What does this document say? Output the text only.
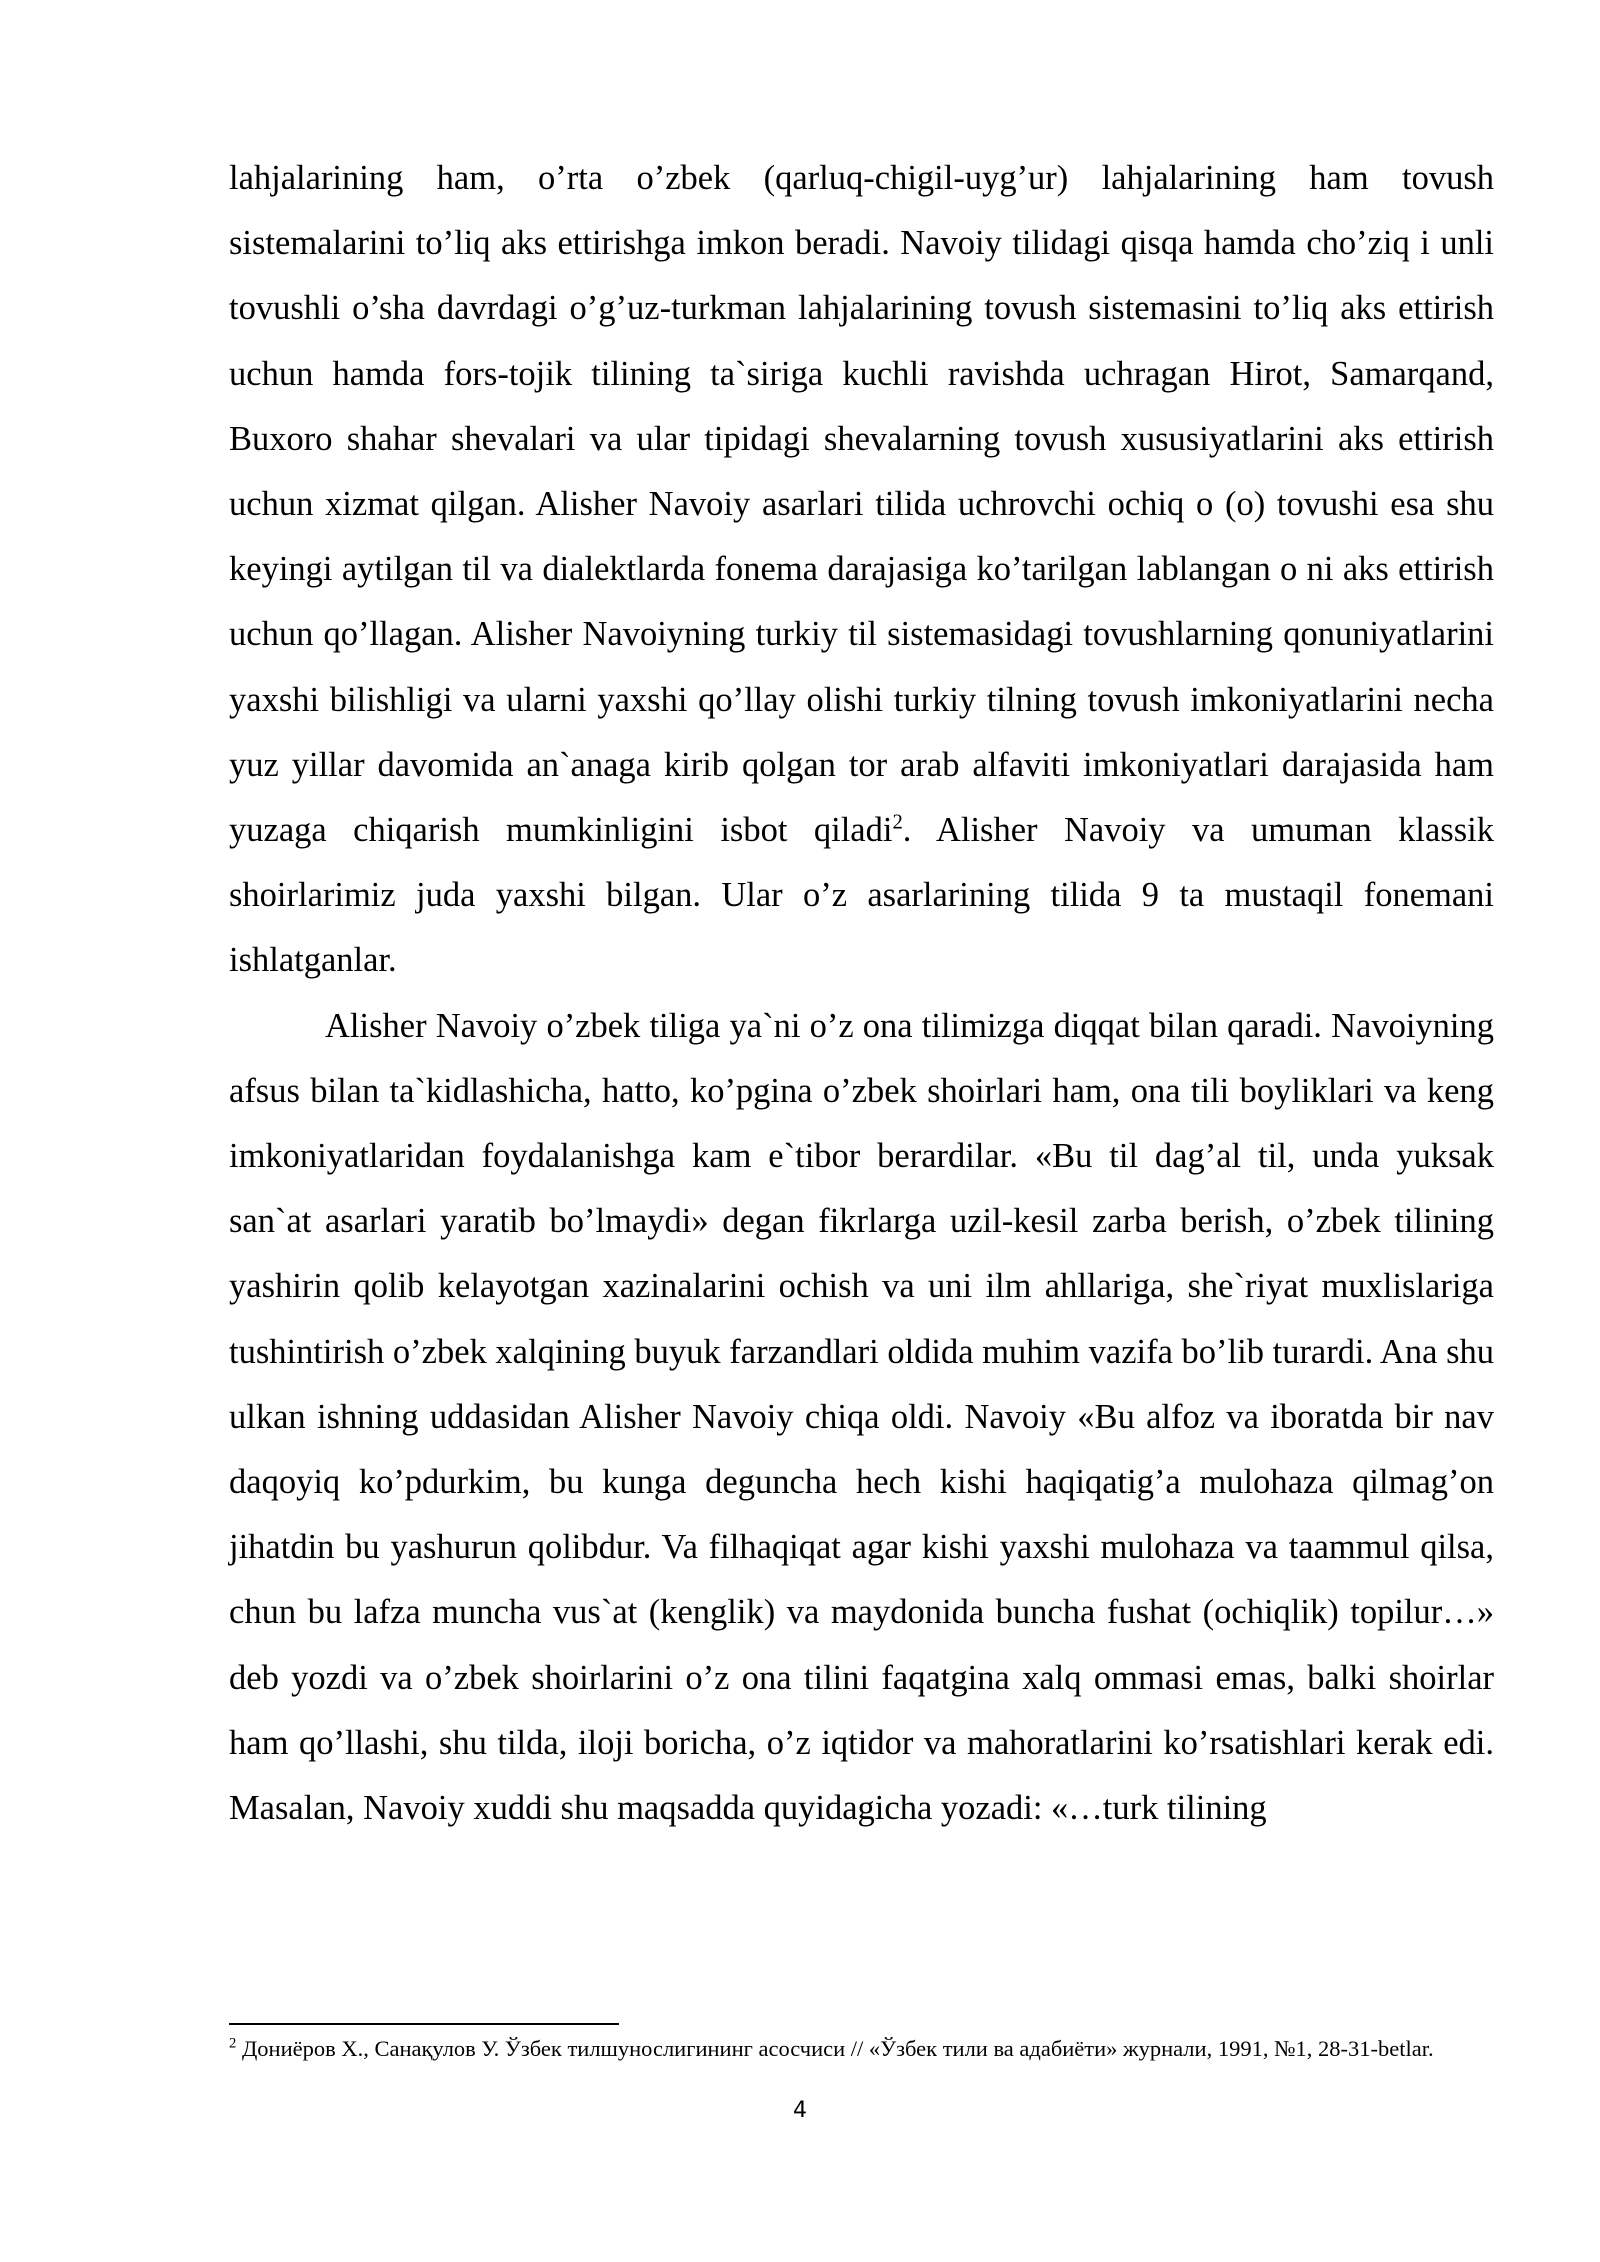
lahjalarining ham, o’rta o’zbek (qarluq-chigil-uyg’ur) lahjalarining ham tovush sistemalarini to’liq aks ettirishga imkon beradi. Navoiy tilidagi qisqa hamda cho’ziq i unli tovushli o’sha davrdagi o’g’uz-turkman lahjalarining tovush sistemasini to’liq aks ettirish uchun hamda fors-tojik tilining ta`siriga kuchli ravishda uchragan Hirot, Samarqand, Buxoro shahar shevalari va ular tipidagi shevalarning tovush xususiyatlarini aks ettirish uchun xizmat qilgan. Alisher Navoiy asarlari tilida uchrovchi ochiq o (o) tovushi esa shu keyingi aytilgan til va dialektlarda fonema darajasiga ko’tarilgan lablangan o ni aks ettirish uchun qo’llagan. Alisher Navoiyning turkiy til sistemasidagi tovushlarning qonuniyatlarini yaxshi bilishligi va ularni yaxshi qo’llay olishi turkiy tilning tovush imkoniyatlarini necha yuz yillar davomida an`anaga kirib qolgan tor arab alfaviti imkoniyatlari darajasida ham yuzaga chiqarish mumkinligini isbot qiladi$^2$. Alisher Navoiy va umuman klassik shoirlarimiz juda yaxshi bilgan. Ular o’z asarlarining tilida 9 ta mustaqil fonemani ishlatganlar.

Alisher Navoiy o’zbek tiliga ya`ni o’z ona tilimizga diqqat bilan qaradi. Navoiyning afsus bilan ta`kidlashicha, hatto, ko’pgina o’zbek shoirlari ham, ona tili boyliklari va keng imkoniyatlaridan foydalanishga kam e`tibor berardilar. «Bu til dag’al til, unda yuksak san`at asarlari yaratib bo’lmaydi» degan fikrlarga uzil-kesil zarba berish, o’zbek tilining yashirin qolib kelayotgan xazinalarini ochish va uni ilm ahllariga, she`riyat muxlislariga tushintirish o’zbek xalqining buyuk farzandlari oldida muhim vazifa bo’lib turardi. Ana shu ulkan ishning uddasidan Alisher Navoiy chiqa oldi. Navoiy «Bu alfoz va iboratda bir nav daqoyiq ko’pdurkim, bu kunga deguncha hech kishi haqiqatig’a mulohaza qilmag’on jihatdin bu yashurun qolibdur. Va filhaqiqat agar kishi yaxshi mulohaza va taammul qilsa, chun bu lafza muncha vus`at (kenglik) va maydonida buncha fushat (ochiqlik) topilur…» deb yozdi va o’zbek shoirlarini o’z ona tilini faqatgina xalq ommasi emas, balki shoirlar ham qo’llashi, shu tilda, iloji boricha, o’z iqtidor va mahoratlarini ko’rsatishlari kerak edi. Masalan, Navoiy xuddi shu maqsadda quyidagicha yozadi: «…turk tilining

$^2$ Дониёров Х., Санақулов У. Ўзбек тилшунослигининг асосчиси // «Ўзбек тили ва адабиёти» журнали, 1991, №1, 28-31-betlar.

4
